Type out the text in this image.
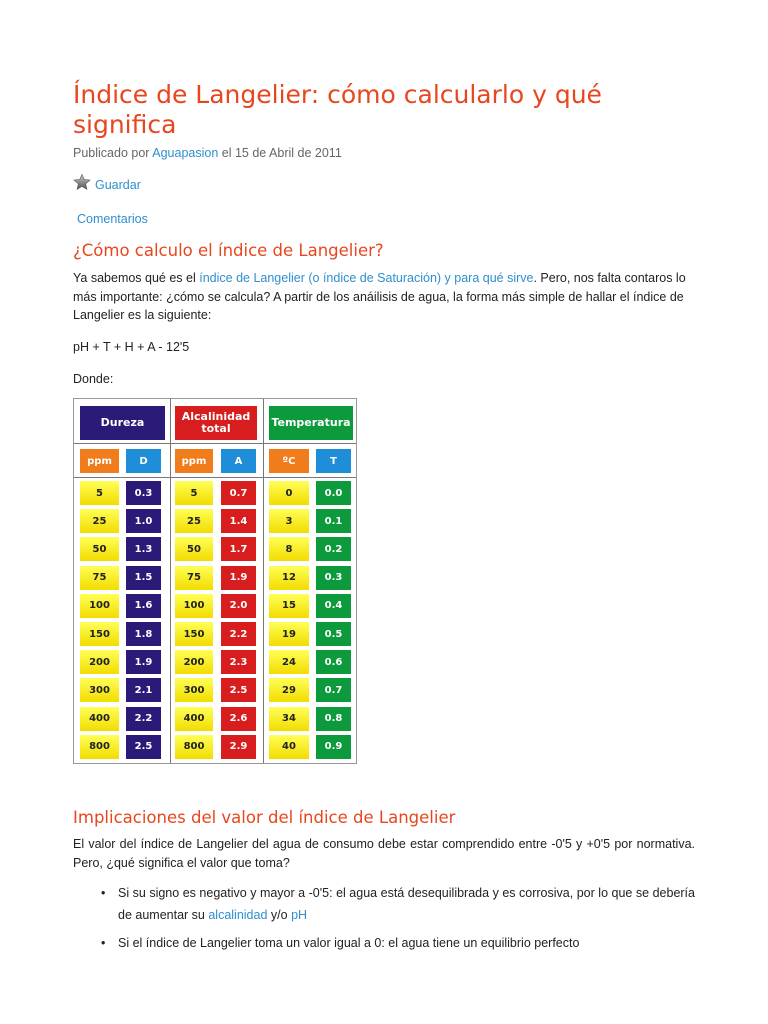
Índice de Langelier: cómo calcularlo y qué significa
Publicado por Aguapasion el 15 de Abril de 2011
Guardar
Comentarios
¿Cómo calculo el índice de Langelier?
Ya sabemos qué es el índice de Langelier (o índice de Saturación) y para qué sirve. Pero, nos falta contaros lo más importante: ¿cómo se calcula? A partir de los anáilisis de agua, la forma más simple de hallar el índice de Langelier es la siguiente:
pH + T + H + A - 12'5
Donde:
Dureza	Alcalinidad total	Temperatura
ppm	D	ppm	A	ºC	T
5	0.3	5	0.7	0	0.0
25	1.0	25	1.4	3	0.1
50	1.3	50	1.7	8	0.2
75	1.5	75	1.9	12	0.3
100	1.6	100	2.0	15	0.4
150	1.8	150	2.2	19	0.5
200	1.9	200	2.3	24	0.6
300	2.1	300	2.5	29	0.7
400	2.2	400	2.6	34	0.8
800	2.5	800	2.9	40	0.9
Implicaciones del valor del índice de Langelier
El valor del índice de Langelier del agua de consumo debe estar comprendido entre -0'5 y +0'5 por normativa. Pero, ¿qué significa el valor que toma?
• Si su signo es negativo y mayor a -0'5: el agua está desequilibrada y es corrosiva, por lo que se debería de aumentar su alcalinidad y/o pH
• Si el índice de Langelier toma un valor igual a 0: el agua tiene un equilibrio perfecto
